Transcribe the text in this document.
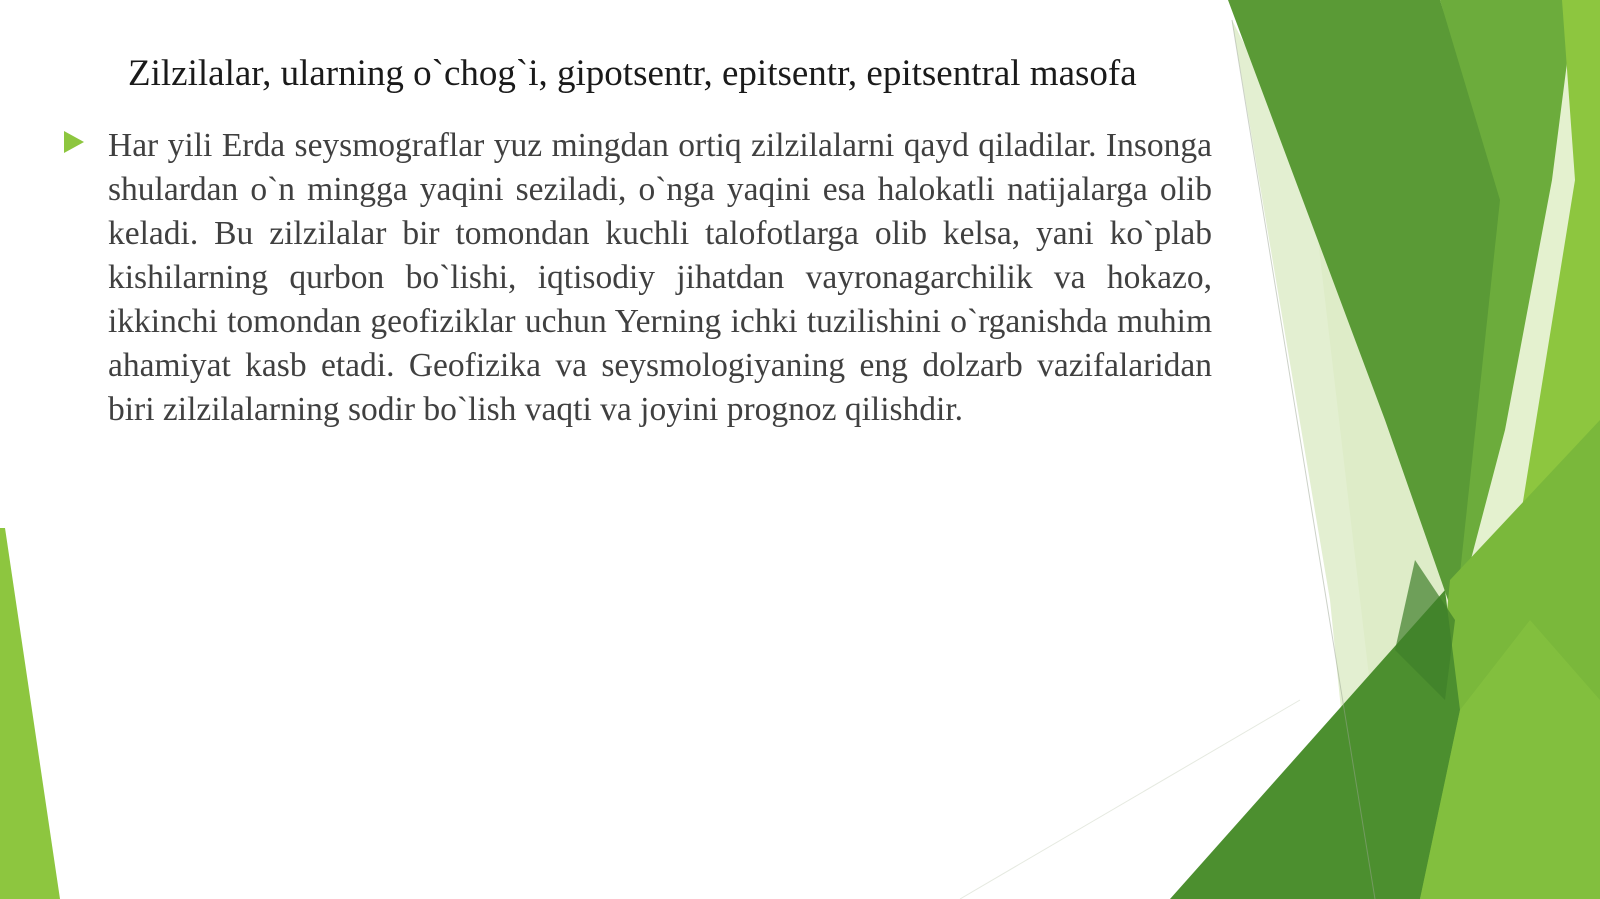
Zilzilalar, ularning o`chog`i, gipotsentr, epitsentr, epitsentral masofa
Har yili Erda seysmograflar yuz mingdan ortiq zilzilalarni qayd qiladilar. Insonga shulardan o`n mingga yaqini seziladi, o`nga yaqini esa halokatli natijalarga olib keladi. Bu zilzilalar bir tomondan kuchli talofotlarga olib kelsa, yani ko`plab kishilarning qurbon bo`lishi, iqtisodiy jihatdan vayronagarchilik va hokazo, ikkinchi tomondan geofiziklar uchun Yerning ichki tuzilishini o`rganishda muhim ahamiyat kasb etadi. Geofizika va seysmologiyaning eng dolzarb vazifalaridan biri zilzilalarning sodir bo`lish vaqti va joyini prognoz qilishdir.
